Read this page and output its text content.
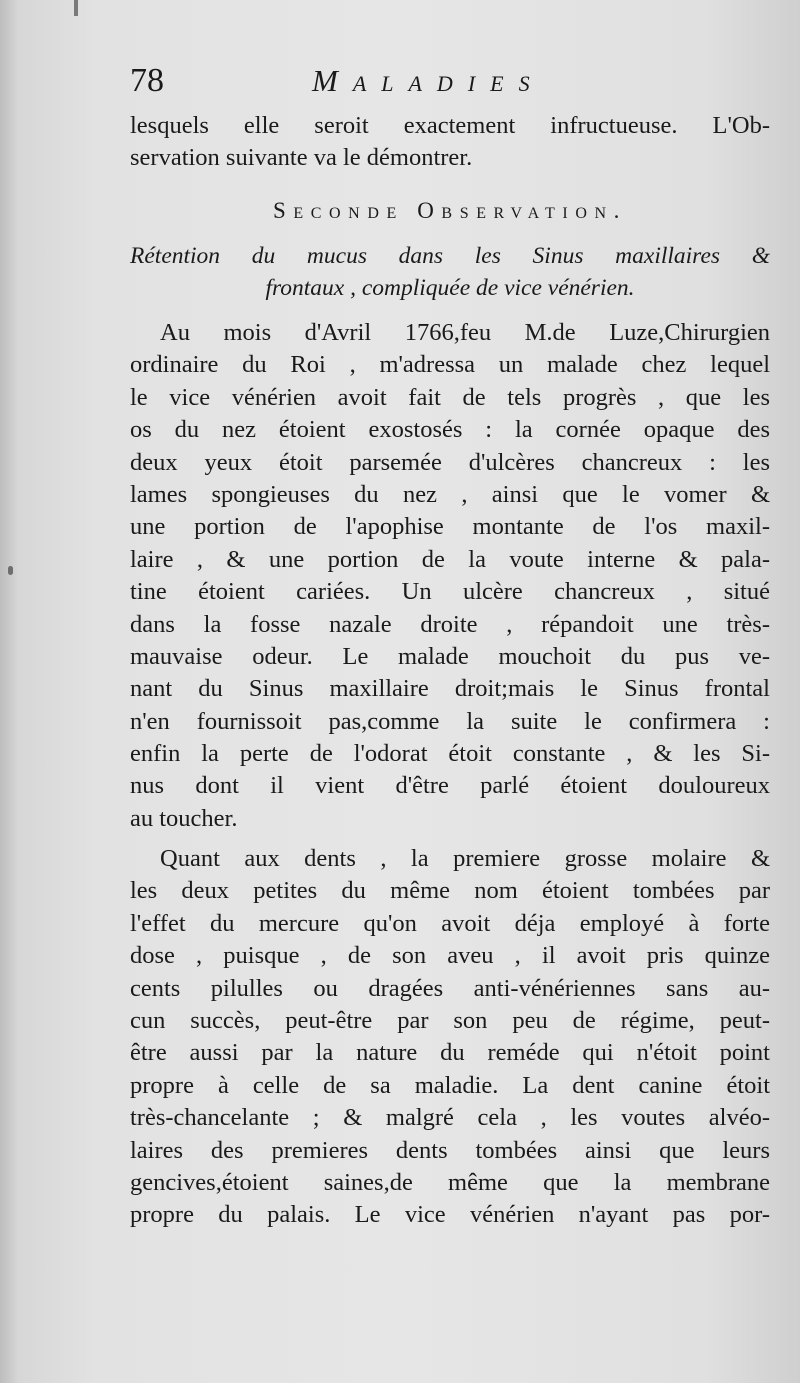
78	Maladies
lesquels elle seroit exactement infructueuse. L'Ob-
servation suivante va le démontrer.
Seconde Observation.
Rétention du mucus dans les Sinus maxillaires &
frontaux , compliquée de vice vénérien.
Au mois d'Avril 1766,feu M.de Luze,Chirurgien
ordinaire du Roi , m'adressa un malade chez lequel
le vice vénérien avoit fait de tels progrès , que les
os du nez étoient exostosés : la cornée opaque des
deux yeux étoit parsemée d'ulcères chancreux : les
lames spongieuses du nez , ainsi que le vomer &
une portion de l'apophise montante de l'os maxil-
laire , & une portion de la voute interne & pala-
tine étoient cariées. Un ulcère chancreux , situé
dans la fosse nazale droite , répandoit une très-
mauvaise odeur. Le malade mouchoit du pus ve-
nant du Sinus maxillaire droit;mais le Sinus frontal
n'en fournissoit pas,comme la suite le confirmera :
enfin la perte de l'odorat étoit constante , & les Si-
nus dont il vient d'être parlé étoient douloureux
au toucher.
Quant aux dents , la premiere grosse molaire &
les deux petites du même nom étoient tombées par
l'effet du mercure qu'on avoit déja employé à forte
dose , puisque , de son aveu , il avoit pris quinze
cents pilulles ou dragées anti-vénériennes sans au-
cun succès, peut-être par son peu de régime, peut-
être aussi par la nature du reméde qui n'étoit point
propre à celle de sa maladie. La dent canine étoit
très-chancelante ; & malgré cela , les voutes alvéo-
laires des premieres dents tombées ainsi que leurs
gencives,étoient saines,de même que la membrane
propre du palais. Le vice vénérien n'ayant pas por-
